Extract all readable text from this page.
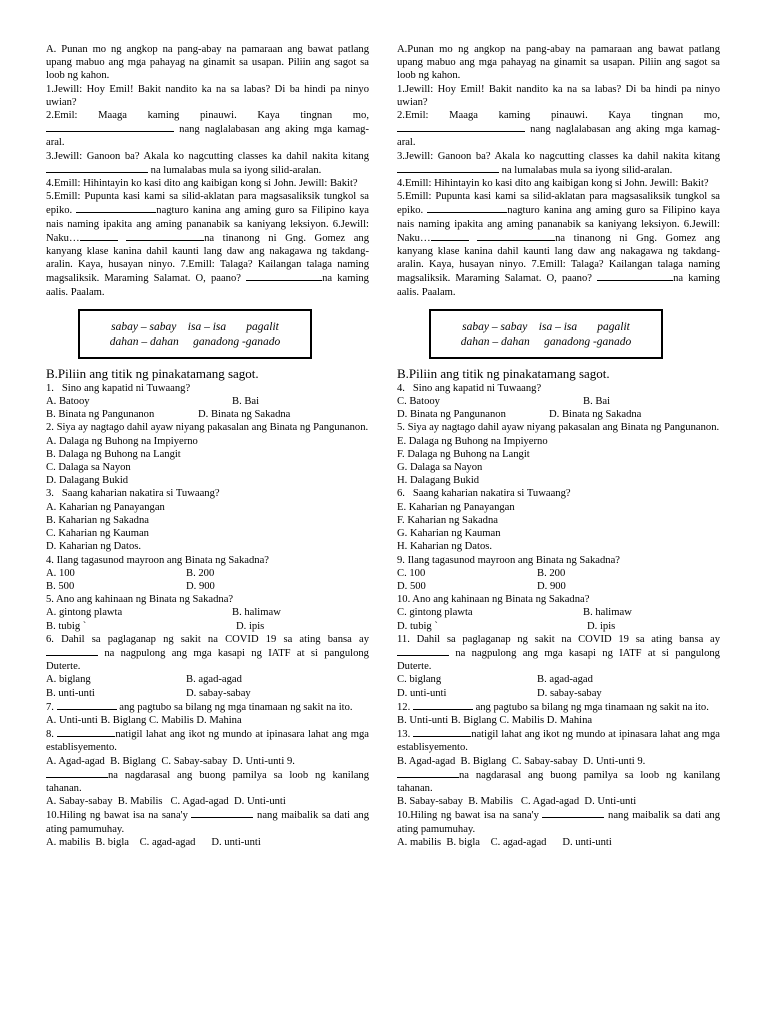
A. Punan mo ng angkop na pang-abay na pamaraan ang bawat patlang upang mabuo ang mga pahayag na ginamit sa usapan. Piliin ang sagot sa loob ng kahon.

1.Jewill: Hoy Emil! Bakit nandito ka na sa labas? Di ba hindi pa ninyo uwian?

2.Emil: Maaga kaming pinauwi. Kaya tingnan mo,  nang naglalabasan ang aking mga kamag-aral.

3.Jewill: Ganoon ba? Akala ko nagcutting classes ka dahil nakita kitang  na lumalabas mula sa iyong silid-aralan.

4.Emill: Hihintayin ko kasi dito ang kaibigan kong si John. Jewill: Bakit?

5.Emill: Pupunta kasi kami sa silid-aklatan para magsasaliksik tungkol sa epiko.	nagturo kanina ang aming guro sa Filipino kaya nais naming ipakita ang aming pananabik sa kaniyang leksiyon. 6.Jewill: Naku…	na tinanong ni Gng. Gomez ang kanyang klase kanina dahil kaunti lang daw ang nakagawa ng takdang-aralin. Kaya, husayan ninyo. 7.Emill: Talaga? Kailangan talaga naming magsaliksik. Maraming Salamat. O, paano?	na kaming aalis. Paalam.

sabay – sabay    isa – isa       pagalit
dahan – dahan     ganadong -ganado
B.Piliin ang titik ng pinakatamang sagot.
1.   Sino ang kapatid ni Tuwaang?
A. Batooy	B. Bai
B. Binata ng Pangunanon	D. Binata ng Sakadna

2. Siya ay nagtago dahil ayaw niyang pakasalan ang Binata ng Pangunanon.

A. Dalaga ng Buhong na Impiyerno
B. Dalaga ng Buhong na Langit
C. Dalaga sa Nayon
D. Dalagang Bukid
3.   Saang kaharian nakatira si Tuwaang?
A. Kaharian ng Panayangan
B. Kaharian ng Sakadna
C. Kaharian ng Kauman
D. Kaharian ng Datos.
4. Ilang tagasunod mayroon ang Binata ng Sakadna?
A. 100	B. 200
B. 500	D. 900
5. Ano ang kahinaan ng Binata ng Sakadna?
A. gintong plawta	B. halimaw
B. tubig `	D. ipis

6. Dahil sa paglaganap ng sakit na COVID 19 sa ating bansa ay  na nagpulong ang mga kasapi ng IATF at si pangulong Duterte.

A. biglang	B. agad-agad
B. unti-unti	D. sabay-sabay

7.	ang pagtubo sa bilang ng mga tinamaan ng sakit na ito.

A. Unti-unti B. Biglang C. Mabilis D. Mahina

8.	natigil lahat ang ikot ng mundo at ipinasara lahat ang mga establisyemento.

A. Agad-agad  B. Biglang  C. Sabay-sabay  D. Unti-unti 9.

na nagdarasal ang buong pamilya sa loob ng kanilang tahanan.

A. Sabay-sabay  B. Mabilis   C. Agad-agad  D. Unti-unti

10.Hiling ng bawat isa na sana'y	nang maibalik sa dati ang ating pamumuhay.

A. mabilis  B. bigla    C. agad-agad      D. unti-unti

A.Punan mo ng angkop na pang-abay na pamaraan ang bawat patlang upang mabuo ang mga pahayag na ginamit sa usapan. Piliin ang sagot sa loob ng kahon.

1.Jewill: Hoy Emil! Bakit nandito ka na sa labas? Di ba hindi pa ninyo uwian?

2.Emil: Maaga kaming pinauwi. Kaya tingnan mo,  nang naglalabasan ang aking mga kamag-aral.

3.Jewill: Ganoon ba? Akala ko nagcutting classes ka dahil nakita kitang  na lumalabas mula sa iyong silid-aralan.

4.Emill: Hihintayin ko kasi dito ang kaibigan kong si John. Jewill: Bakit?

5.Emill: Pupunta kasi kami sa silid-aklatan para magsasaliksik tungkol sa epiko.	nagturo kanina ang aming guro sa Filipino kaya nais naming ipakita ang aming pananabik sa kaniyang leksiyon. 6.Jewill: Naku…	na tinanong ni Gng. Gomez ang kanyang klase kanina dahil kaunti lang daw ang nakagawa ng takdang-aralin. Kaya, husayan ninyo. 7.Emill: Talaga? Kailangan talaga naming magsaliksik. Maraming Salamat. O, paano?	na kaming aalis. Paalam.

sabay – sabay    isa – isa       pagalit
dahan – dahan     ganadong -ganado
B.Piliin ang titik ng pinakatamang sagot.
4.   Sino ang kapatid ni Tuwaang?
C. Batooy	B. Bai
D. Binata ng Pangunanon	D. Binata ng Sakadna

5. Siya ay nagtago dahil ayaw niyang pakasalan ang Binata ng Pangunanon.

E. Dalaga ng Buhong na Impiyerno
F. Dalaga ng Buhong na Langit
G. Dalaga sa Nayon
H. Dalagang Bukid
6.   Saang kaharian nakatira si Tuwaang?
E. Kaharian ng Panayangan
F. Kaharian ng Sakadna
G. Kaharian ng Kauman
H. Kaharian ng Datos.
9. Ilang tagasunod mayroon ang Binata ng Sakadna?
C. 100	B. 200
D. 500	D. 900
10. Ano ang kahinaan ng Binata ng Sakadna?
C. gintong plawta	B. halimaw
D. tubig `	D. ipis

11. Dahil sa paglaganap ng sakit na COVID 19 sa ating bansa ay  na nagpulong ang mga kasapi ng IATF at si pangulong Duterte.

C. biglang	B. agad-agad
D. unti-unti	D. sabay-sabay

12.	ang pagtubo sa bilang ng mga tinamaan ng sakit na ito.

B. Unti-unti B. Biglang C. Mabilis D. Mahina

13.	natigil lahat ang ikot ng mundo at ipinasara lahat ang mga establisyemento.

B. Agad-agad  B. Biglang  C. Sabay-sabay  D. Unti-unti 9.

na nagdarasal ang buong pamilya sa loob ng kanilang tahanan.

B. Sabay-sabay  B. Mabilis   C. Agad-agad  D. Unti-unti

10.Hiling ng bawat isa na sana'y	nang maibalik sa dati ang ating pamumuhay.

A. mabilis  B. bigla    C. agad-agad      D. unti-unti
